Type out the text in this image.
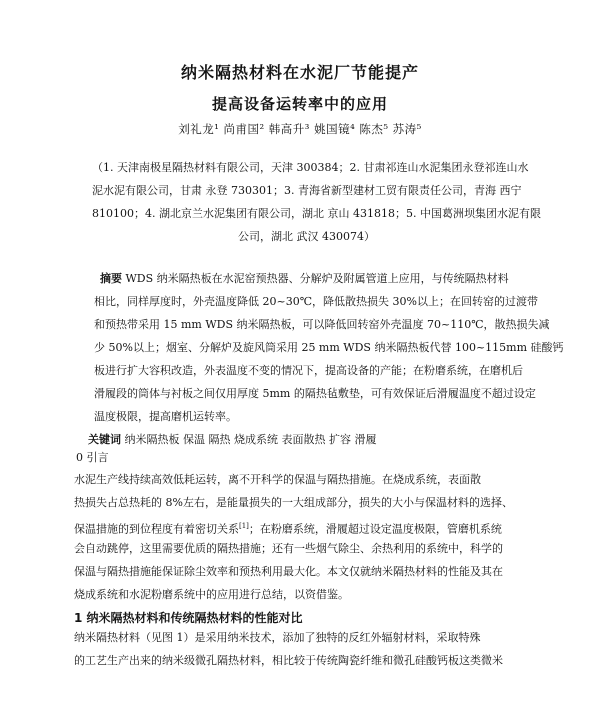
纳米隔热材料在水泥厂节能提产
提高设备运转率中的应用
刘礼龙¹ 尚甫国² 韩高升³ 姚国镜⁴ 陈杰⁵ 苏涛⁵
（1. 天津南极星隔热材料有限公司，天津 300384；2. 甘肃祁连山水泥集团永登祁连山水
泥水泥有限公司，甘肃 永登 730301；3. 青海省新型建材工贸有限责任公司，青海 西宁
810100；4. 湖北京兰水泥集团有限公司，湖北 京山 431818；5. 中国葛洲坝集团水泥有限
公司，湖北 武汉 430074）
摘要 WDS 纳米隔热板在水泥窑预热器、分解炉及附属管道上应用，与传统隔热材料
相比，同样厚度时，外壳温度降低 20~30℃，降低散热损失 30%以上；在回转窑的过渡带
和预热带采用 15 mm WDS 纳米隔热板，可以降低回转窑外壳温度 70~110℃，散热损失减
少 50%以上；烟室、分解炉及旋风筒采用 25 mm WDS 纳米隔热板代替 100~115mm 硅酸钙
板进行扩大容积改造，外表温度不变的情况下，提高设备的产能；在粉磨系统，在磨机后
滑履段的筒体与衬板之间仅用厚度 5mm 的隔热毡敷垫，可有效保证后滑履温度不超过设定
温度极限，提高磨机运转率。
关键词 纳米隔热板 保温 隔热 烧成系统 表面散热 扩容 滑履
0 引言
水泥生产线持续高效低耗运转，离不开科学的保温与隔热措施。在烧成系统，表面散
热损失占总热耗的 8%左右，是能量损失的一大组成部分，损失的大小与保温材料的选择、
保温措施的到位程度有着密切关系[1]；在粉磨系统，滑履超过设定温度极限，管磨机系统
会自动跳停，这里需要优质的隔热措施；还有一些烟气除尘、余热利用的系统中，科学的
保温与隔热措施能保证除尘效率和预热利用最大化。本文仅就纳米隔热材料的性能及其在
烧成系统和水泥粉磨系统中的应用进行总结，以资借鉴。
1 纳米隔热材料和传统隔热材料的性能对比
纳米隔热材料（见图 1）是采用纳米技术，添加了独特的反红外辐射材料，采取特殊
的工艺生产出来的纳米级微孔隔热材料，相比较于传统陶瓷纤维和微孔硅酸钙板这类微米
